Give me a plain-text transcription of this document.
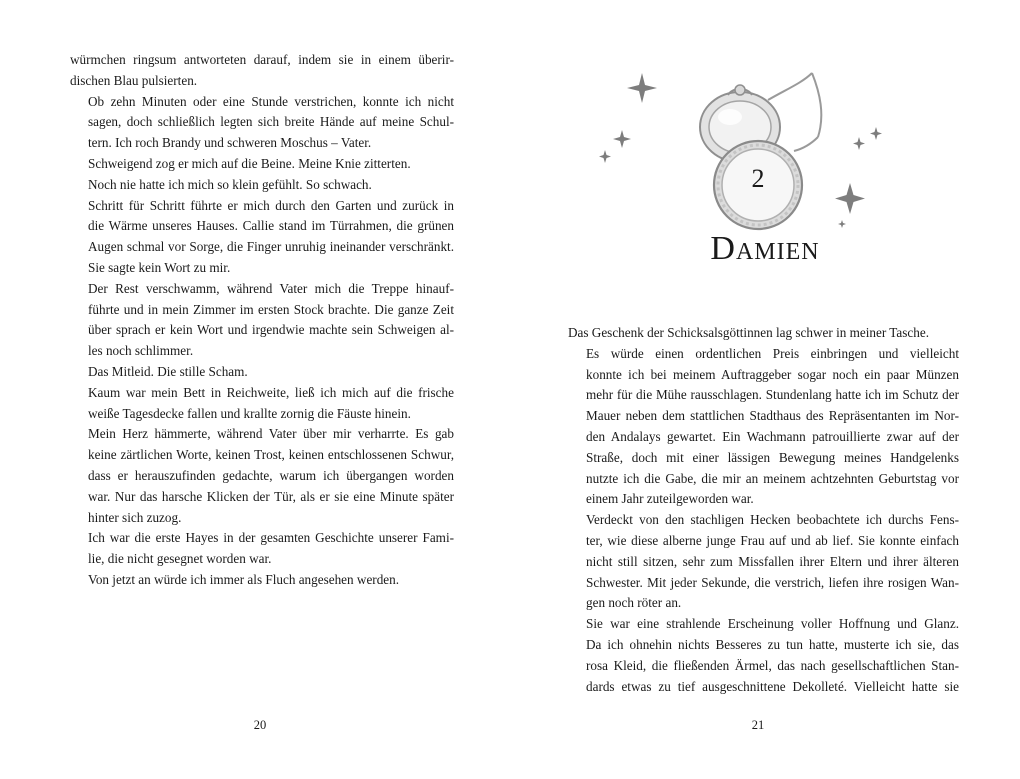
würmchen ringsum antworteten darauf, indem sie in einem überir-
dischen Blau pulsierten.

Ob zehn Minuten oder eine Stunde verstrichen, konnte ich nicht
sagen, doch schließlich legten sich breite Hände auf meine Schul-
tern. Ich roch Brandy und schweren Moschus – Vater.

Schweigend zog er mich auf die Beine. Meine Knie zitterten.

Noch nie hatte ich mich so klein gefühlt. So schwach.

Schritt für Schritt führte er mich durch den Garten und zurück in
die Wärme unseres Hauses. Callie stand im Türrahmen, die grünen
Augen schmal vor Sorge, die Finger unruhig ineinander verschränkt.
Sie sagte kein Wort zu mir.

Der Rest verschwamm, während Vater mich die Treppe hinauf-
führte und in mein Zimmer im ersten Stock brachte. Die ganze Zeit
über sprach er kein Wort und irgendwie machte sein Schweigen al-
les noch schlimmer.

Das Mitleid. Die stille Scham.

Kaum war mein Bett in Reichweite, ließ ich mich auf die frische
weiße Tagesdecke fallen und krallte zornig die Fäuste hinein.

Mein Herz hämmerte, während Vater über mir verharrte. Es gab
keine zärtlichen Worte, keinen Trost, keinen entschlossenen Schwur,
dass er herauszufinden gedachte, warum ich übergangen worden
war. Nur das harsche Klicken der Tür, als er sie eine Minute später
hinter sich zuzog.

Ich war die erste Hayes in der gesamten Geschichte unserer Fami-
lie, die nicht gesegnet worden war.

Von jetzt an würde ich immer als Fluch angesehen werden.

20
2
Damien

Das Geschenk der Schicksalsgöttinnen lag schwer in meiner Tasche.

Es würde einen ordentlichen Preis einbringen und vielleicht
konnte ich bei meinem Auftraggeber sogar noch ein paar Münzen
mehr für die Mühe rausschlagen. Stundenlang hatte ich im Schutz der
Mauer neben dem stattlichen Stadthaus des Repräsentanten im Nor-
den Andalays gewartet. Ein Wachmann patrouillierte zwar auf der
Straße, doch mit einer lässigen Bewegung meines Handgelenks
nutzte ich die Gabe, die mir an meinem achtzehnten Geburtstag vor
einem Jahr zuteilgeworden war.

Verdeckt von den stachligen Hecken beobachtete ich durchs Fens-
ter, wie diese alberne junge Frau auf und ab lief. Sie konnte einfach
nicht still sitzen, sehr zum Missfallen ihrer Eltern und ihrer älteren
Schwester. Mit jeder Sekunde, die verstrich, liefen ihre rosigen Wan-
gen noch röter an.

Sie war eine strahlende Erscheinung voller Hoffnung und Glanz.
Da ich ohnehin nichts Besseres zu tun hatte, musterte ich sie, das
rosa Kleid, die fließenden Ärmel, das nach gesellschaftlichen Stan-
dards etwas zu tief ausgeschnittene Dekolleté. Vielleicht hatte sie

21
